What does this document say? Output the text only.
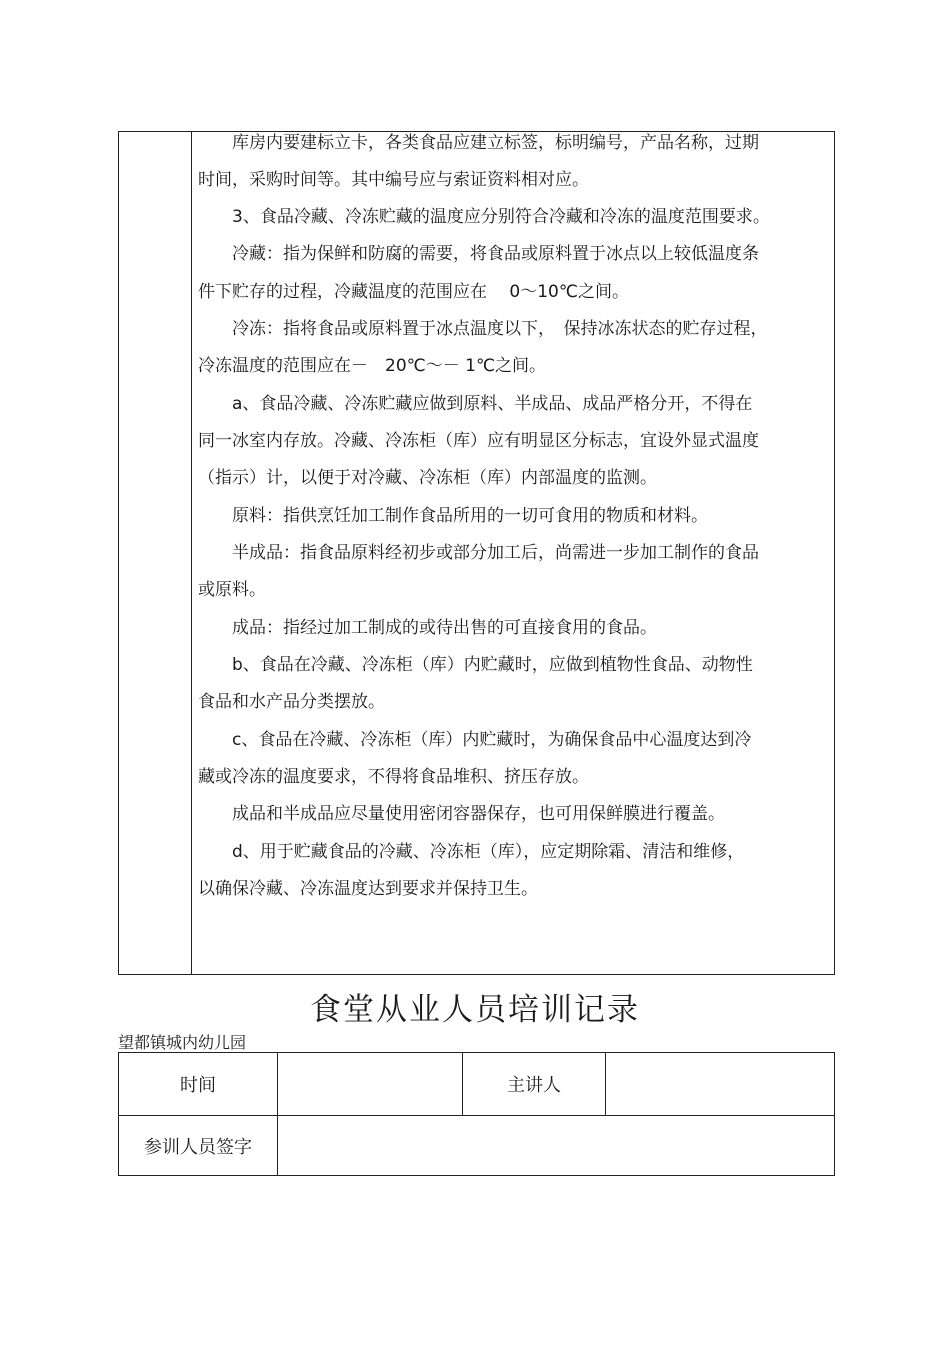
　　库房内要建标立卡，各类食品应建立标签，标明编号，产品名称，过期
时间，采购时间等。其中编号应与索证资料相对应。
　　3、食品冷藏、冷冻贮藏的温度应分别符合冷藏和冷冻的温度范围要求。
　　冷藏：指为保鲜和防腐的需要，将食品或原料置于冰点以上较低温度条
件下贮存的过程，冷藏温度的范围应在　 0～10℃之间。
　　冷冻：指将食品或原料置于冰点温度以下，　保持冰冻状态的贮存过程，
冷冻温度的范围应在－　20℃～－ 1℃之间。
　　a、食品冷藏、冷冻贮藏应做到原料、半成品、成品严格分开，不得在
同一冰室内存放。冷藏、冷冻柜（库）应有明显区分标志，宜设外显式温度
（指示）计，以便于对冷藏、冷冻柜（库）内部温度的监测。
　　原料：指供烹饪加工制作食品所用的一切可食用的物质和材料。
　　半成品：指食品原料经初步或部分加工后，尚需进一步加工制作的食品
或原料。
　　成品：指经过加工制成的或待出售的可直接食用的食品。
　　b、食品在冷藏、冷冻柜（库）内贮藏时，应做到植物性食品、动物性
食品和水产品分类摆放。
　　c、食品在冷藏、冷冻柜（库）内贮藏时，为确保食品中心温度达到冷
藏或冷冻的温度要求，不得将食品堆积、挤压存放。
　　成品和半成品应尽量使用密闭容器保存，也可用保鲜膜进行覆盖。
　　d、用于贮藏食品的冷藏、冷冻柜（库），应定期除霜、清洁和维修，
以确保冷藏、冷冻温度达到要求并保持卫生。
食堂从业人员培训记录
望都镇城内幼儿园
时间	主讲人
参训人员签字
